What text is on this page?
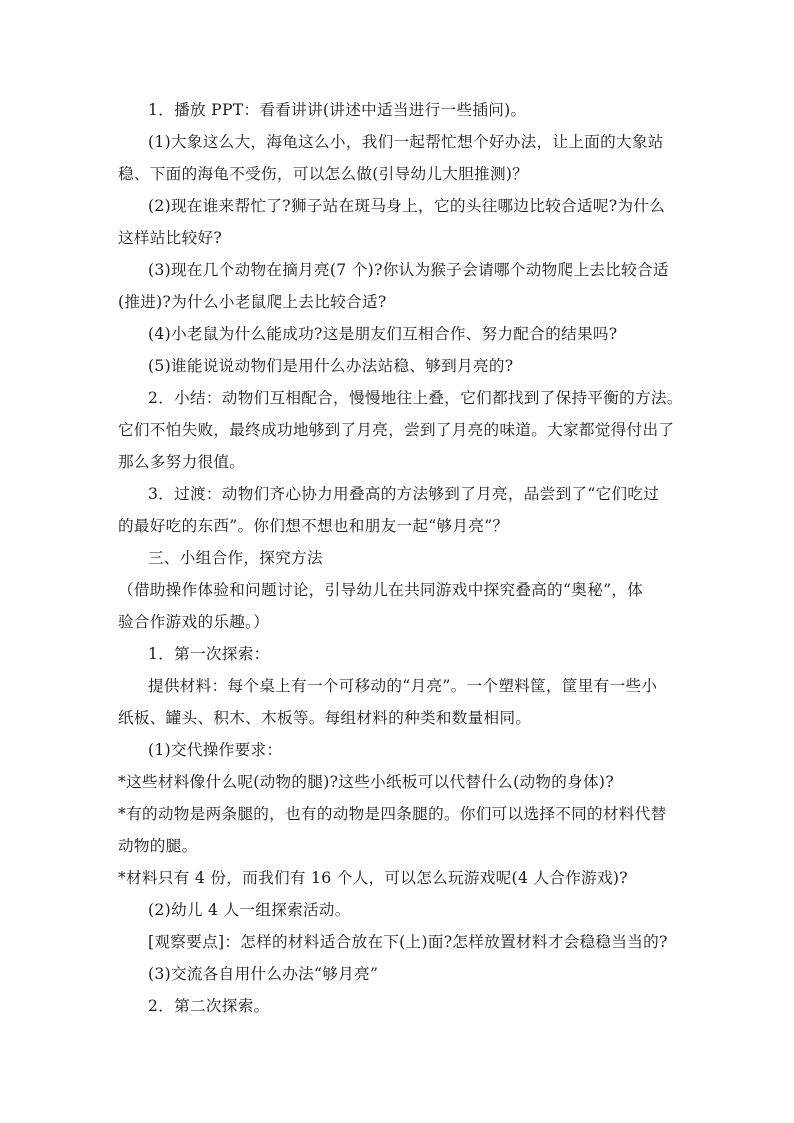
1．播放 PPT：看看讲讲(讲述中适当进行一些插问)。
(1)大象这么大，海龟这么小，我们一起帮忙想个好办法，让上面的大象站
稳、下面的海龟不受伤，可以怎么做(引导幼儿大胆推测)？
(2)现在谁来帮忙了?狮子站在斑马身上，它的头往哪边比较合适呢?为什么
这样站比较好?
(3)现在几个动物在摘月亮(7 个)?你认为猴子会请哪个动物爬上去比较合适
(推进)?为什么小老鼠爬上去比较合适?
(4)小老鼠为什么能成功?这是朋友们互相合作、努力配合的结果吗?
(5)谁能说说动物们是用什么办法站稳、够到月亮的?
2．小结：动物们互相配合，慢慢地往上叠，它们都找到了保持平衡的方法。
它们不怕失败，最终成功地够到了月亮，尝到了月亮的味道。大家都觉得付出了
那么多努力很值。
3．过渡：动物们齐心协力用叠高的方法够到了月亮，品尝到了“它们吃过
的最好吃的东西”。你们想不想也和朋友一起“够月亮”？
三、小组合作，探究方法
（借助操作体验和问题讨论，引导幼儿在共同游戏中探究叠高的“奥秘”，体
验合作游戏的乐趣。）
1．第一次探索：
提供材料：每个桌上有一个可移动的“月亮”。一个塑料筐，筐里有一些小
纸板、罐头、积木、木板等。每组材料的种类和数量相同。
(1)交代操作要求：
*这些材料像什么呢(动物的腿)?这些小纸板可以代替什么(动物的身体)?
*有的动物是两条腿的，也有的动物是四条腿的。你们可以选择不同的材料代替
动物的腿。
*材料只有 4 份，而我们有 16 个人，可以怎么玩游戏呢(4 人合作游戏)?
(2)幼儿 4 人一组探索活动。
[观察要点]：怎样的材料适合放在下(上)面?怎样放置材料才会稳稳当当的?
(3)交流各自用什么办法“够月亮”
2．第二次探索。
